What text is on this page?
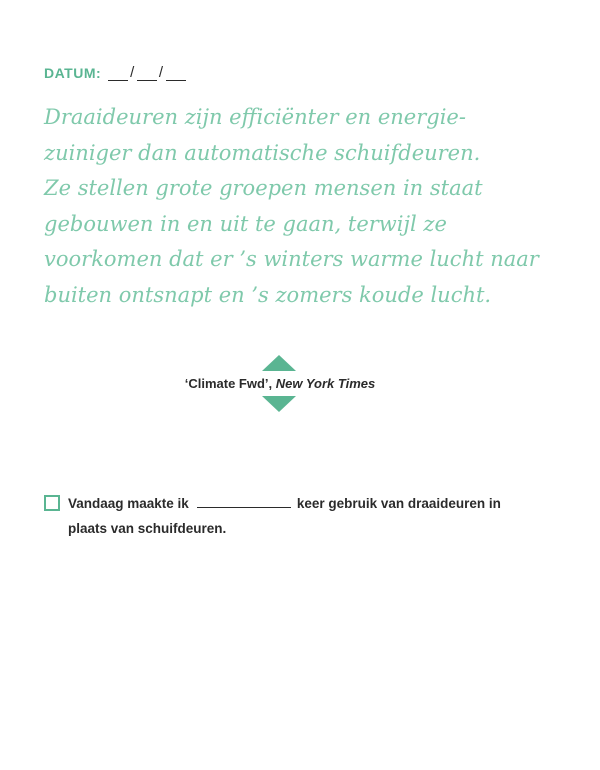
DATUM: / /

Draaideuren zijn efficiënter en energie-
zuiniger dan automatische schuifdeuren.
Ze stellen grote groepen mensen in staat
gebouwen in en uit te gaan, terwijl ze
voorkomen dat er ’s winters warme lucht naar
buiten ontsnapt en ’s zomers koude lucht.

‘Climate Fwd’, New York Times
Vandaag maakte ik	keer gebruik van draaideuren in
plaats van schuifdeuren.
